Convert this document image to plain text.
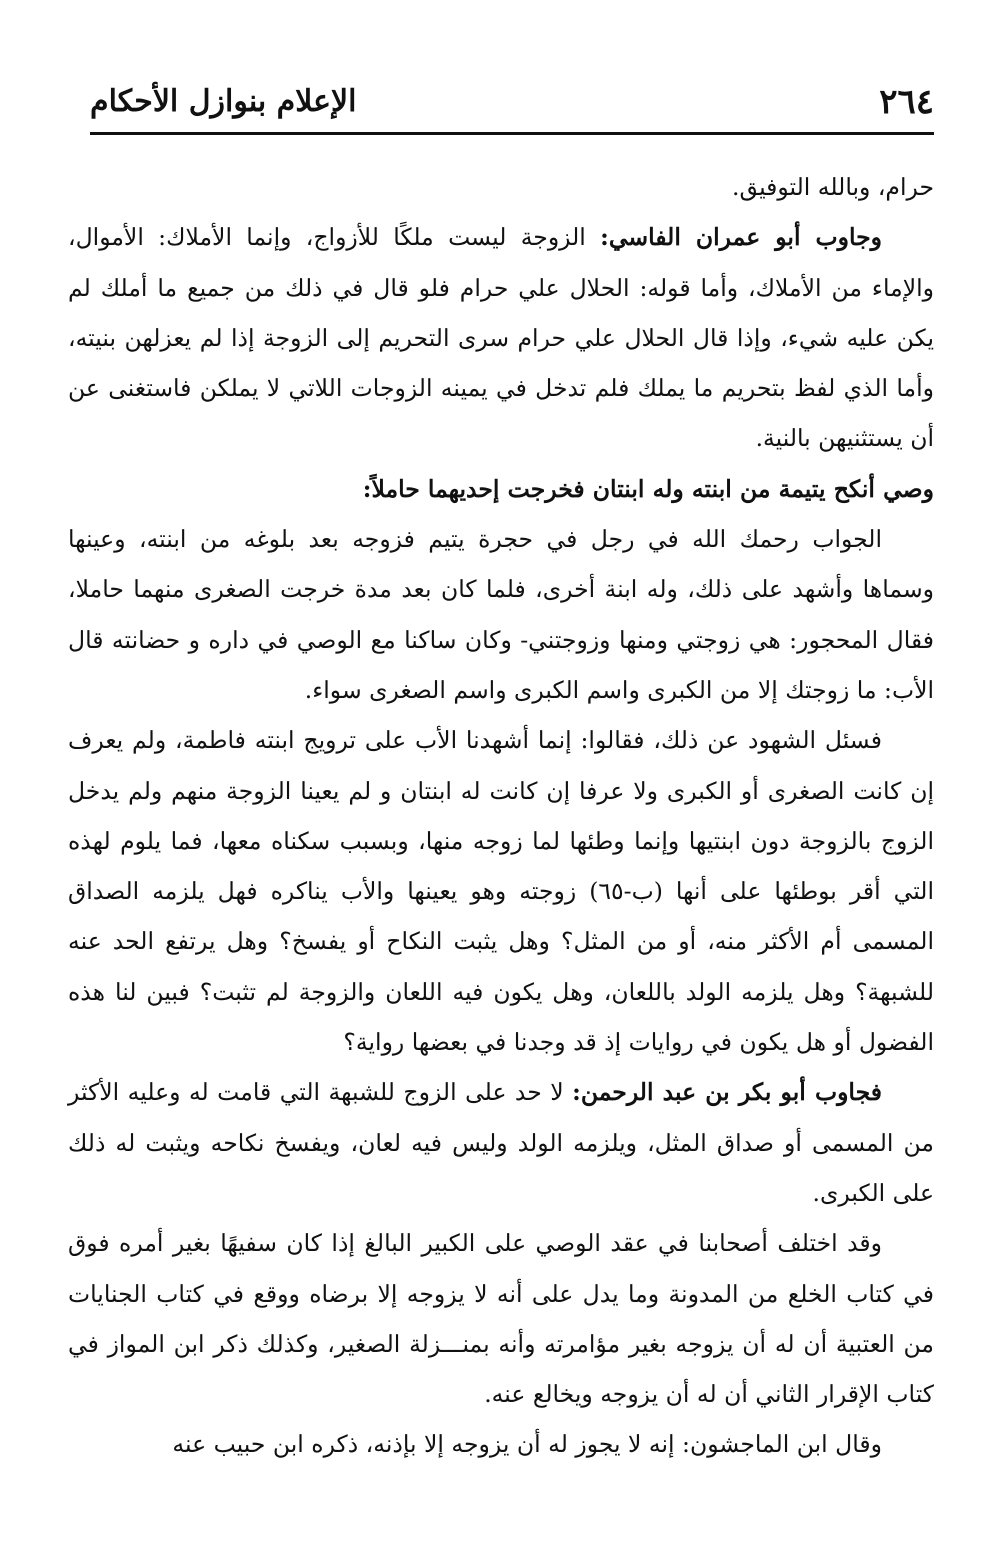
٢٦٤
الإعلام بنوازل الأحكام

حرام، وبالله التوفيق.

وجاوب أبو عمران الفاسي: الزوجة ليست ملكًا للأزواج، وإنما الأملاك: الأموال، والإماء من الأملاك، وأما قوله: الحلال علي حرام فلو قال في ذلك من جميع ما أملك لم يكن عليه شيء، وإذا قال الحلال علي حرام سرى التحريم إلى الزوجة إذا لم يعزلهن بنيته، وأما الذي لفظ بتحريم ما يملك فلم تدخل في يمينه الزوجات اللاتي لا يملكن فاستغنى عن أن يستثنيهن بالنية.

وصي أنكح يتيمة من ابنته وله ابنتان فخرجت إحديهما حاملاً:

الجواب رحمك الله في رجل في حجرة يتيم فزوجه بعد بلوغه من ابنته، وعينها وسماها وأشهد على ذلك، وله ابنة أخرى، فلما كان بعد مدة خرجت الصغرى منهما حاملا، فقال المحجور: هي زوجتي ومنها وزوجتني- وكان ساكنا مع الوصي في داره و حضانته قال الأب: ما زوجتك إلا من الكبرى واسم الكبرى واسم الصغرى سواء.

فسئل الشهود عن ذلك، فقالوا: إنما أشهدنا الأب على ترويج ابنته فاطمة، ولم يعرف إن كانت الصغرى أو الكبرى ولا عرفا إن كانت له ابنتان و لم يعينا الزوجة منهم ولم يدخل الزوج بالزوجة دون ابنتيها وإنما وطئها لما زوجه منها، وبسبب سكناه معها، فما يلوم لهذه التي أقر بوطئها على أنها (ب-٦٥) زوجته وهو يعينها والأب يناكره فهل يلزمه الصداق المسمى أم الأكثر منه، أو من المثل؟ وهل يثبت النكاح أو يفسخ؟ وهل يرتفع الحد عنه للشبهة؟ وهل يلزمه الولد باللعان، وهل يكون فيه اللعان والزوجة لم تثبت؟ فبين لنا هذه الفضول أو هل يكون في روايات إذ قد وجدنا في بعضها رواية؟

فجاوب أبو بكر بن عبد الرحمن: لا حد على الزوج للشبهة التي قامت له وعليه الأكثر من المسمى أو صداق المثل، ويلزمه الولد وليس فيه لعان، ويفسخ نكاحه ويثبت له ذلك على الكبرى.

وقد اختلف أصحابنا في عقد الوصي على الكبير البالغ إذا كان سفيهًا بغير أمره فوق في كتاب الخلع من المدونة وما يدل على أنه لا يزوجه إلا برضاه ووقع في كتاب الجنايات من العتبية أن له أن يزوجه بغير مؤامرته وأنه بمنـــزلة الصغير، وكذلك ذكر ابن المواز في كتاب الإقرار الثاني أن له أن يزوجه ويخالع عنه.

وقال ابن الماجشون: إنه لا يجوز له أن يزوجه إلا بإذنه، ذكره ابن حبيب عنه
